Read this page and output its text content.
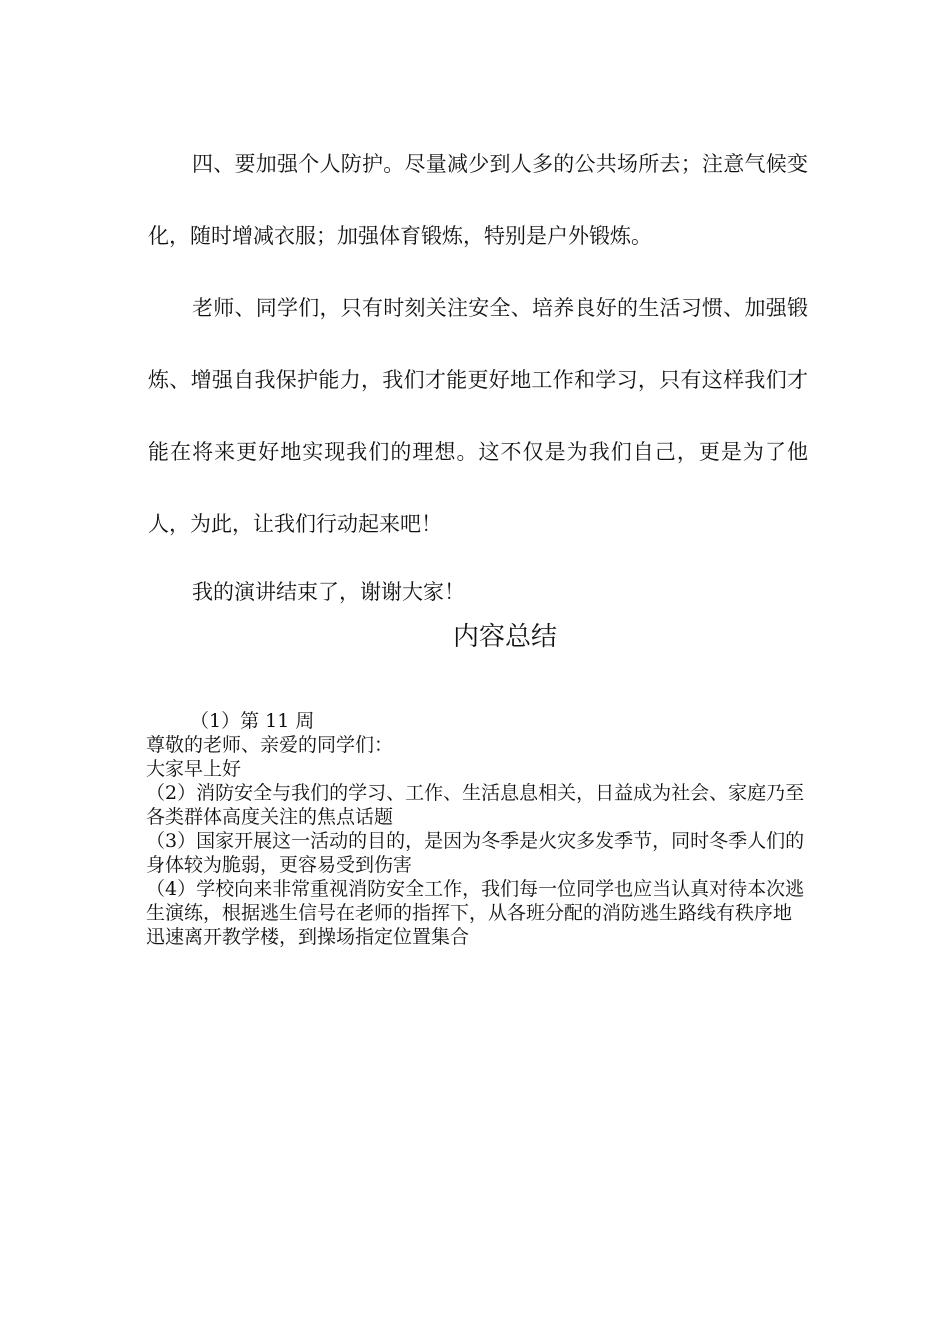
四、要加强个人防护。尽量减少到人多的公共场所去；注意气候变化，随时增减衣服；加强体育锻炼，特别是户外锻炼。

老师、同学们，只有时刻关注安全、培养良好的生活习惯、加强锻炼、增强自我保护能力，我们才能更好地工作和学习，只有这样我们才能在将来更好地实现我们的理想。这不仅是为我们自己，更是为了他人，为此，让我们行动起来吧！

我的演讲结束了，谢谢大家！

内容总结

（1）第 11 周

尊敬的老师、亲爱的同学们：

大家早上好

（2）消防安全与我们的学习、工作、生活息息相关，日益成为社会、家庭乃至各类群体高度关注的焦点话题

（3）国家开展这一活动的目的，是因为冬季是火灾多发季节，同时冬季人们的身体较为脆弱，更容易受到伤害

（4）学校向来非常重视消防安全工作，我们每一位同学也应当认真对待本次逃生演练，根据逃生信号在老师的指挥下，从各班分配的消防逃生路线有秩序地迅速离开教学楼，到操场指定位置集合
